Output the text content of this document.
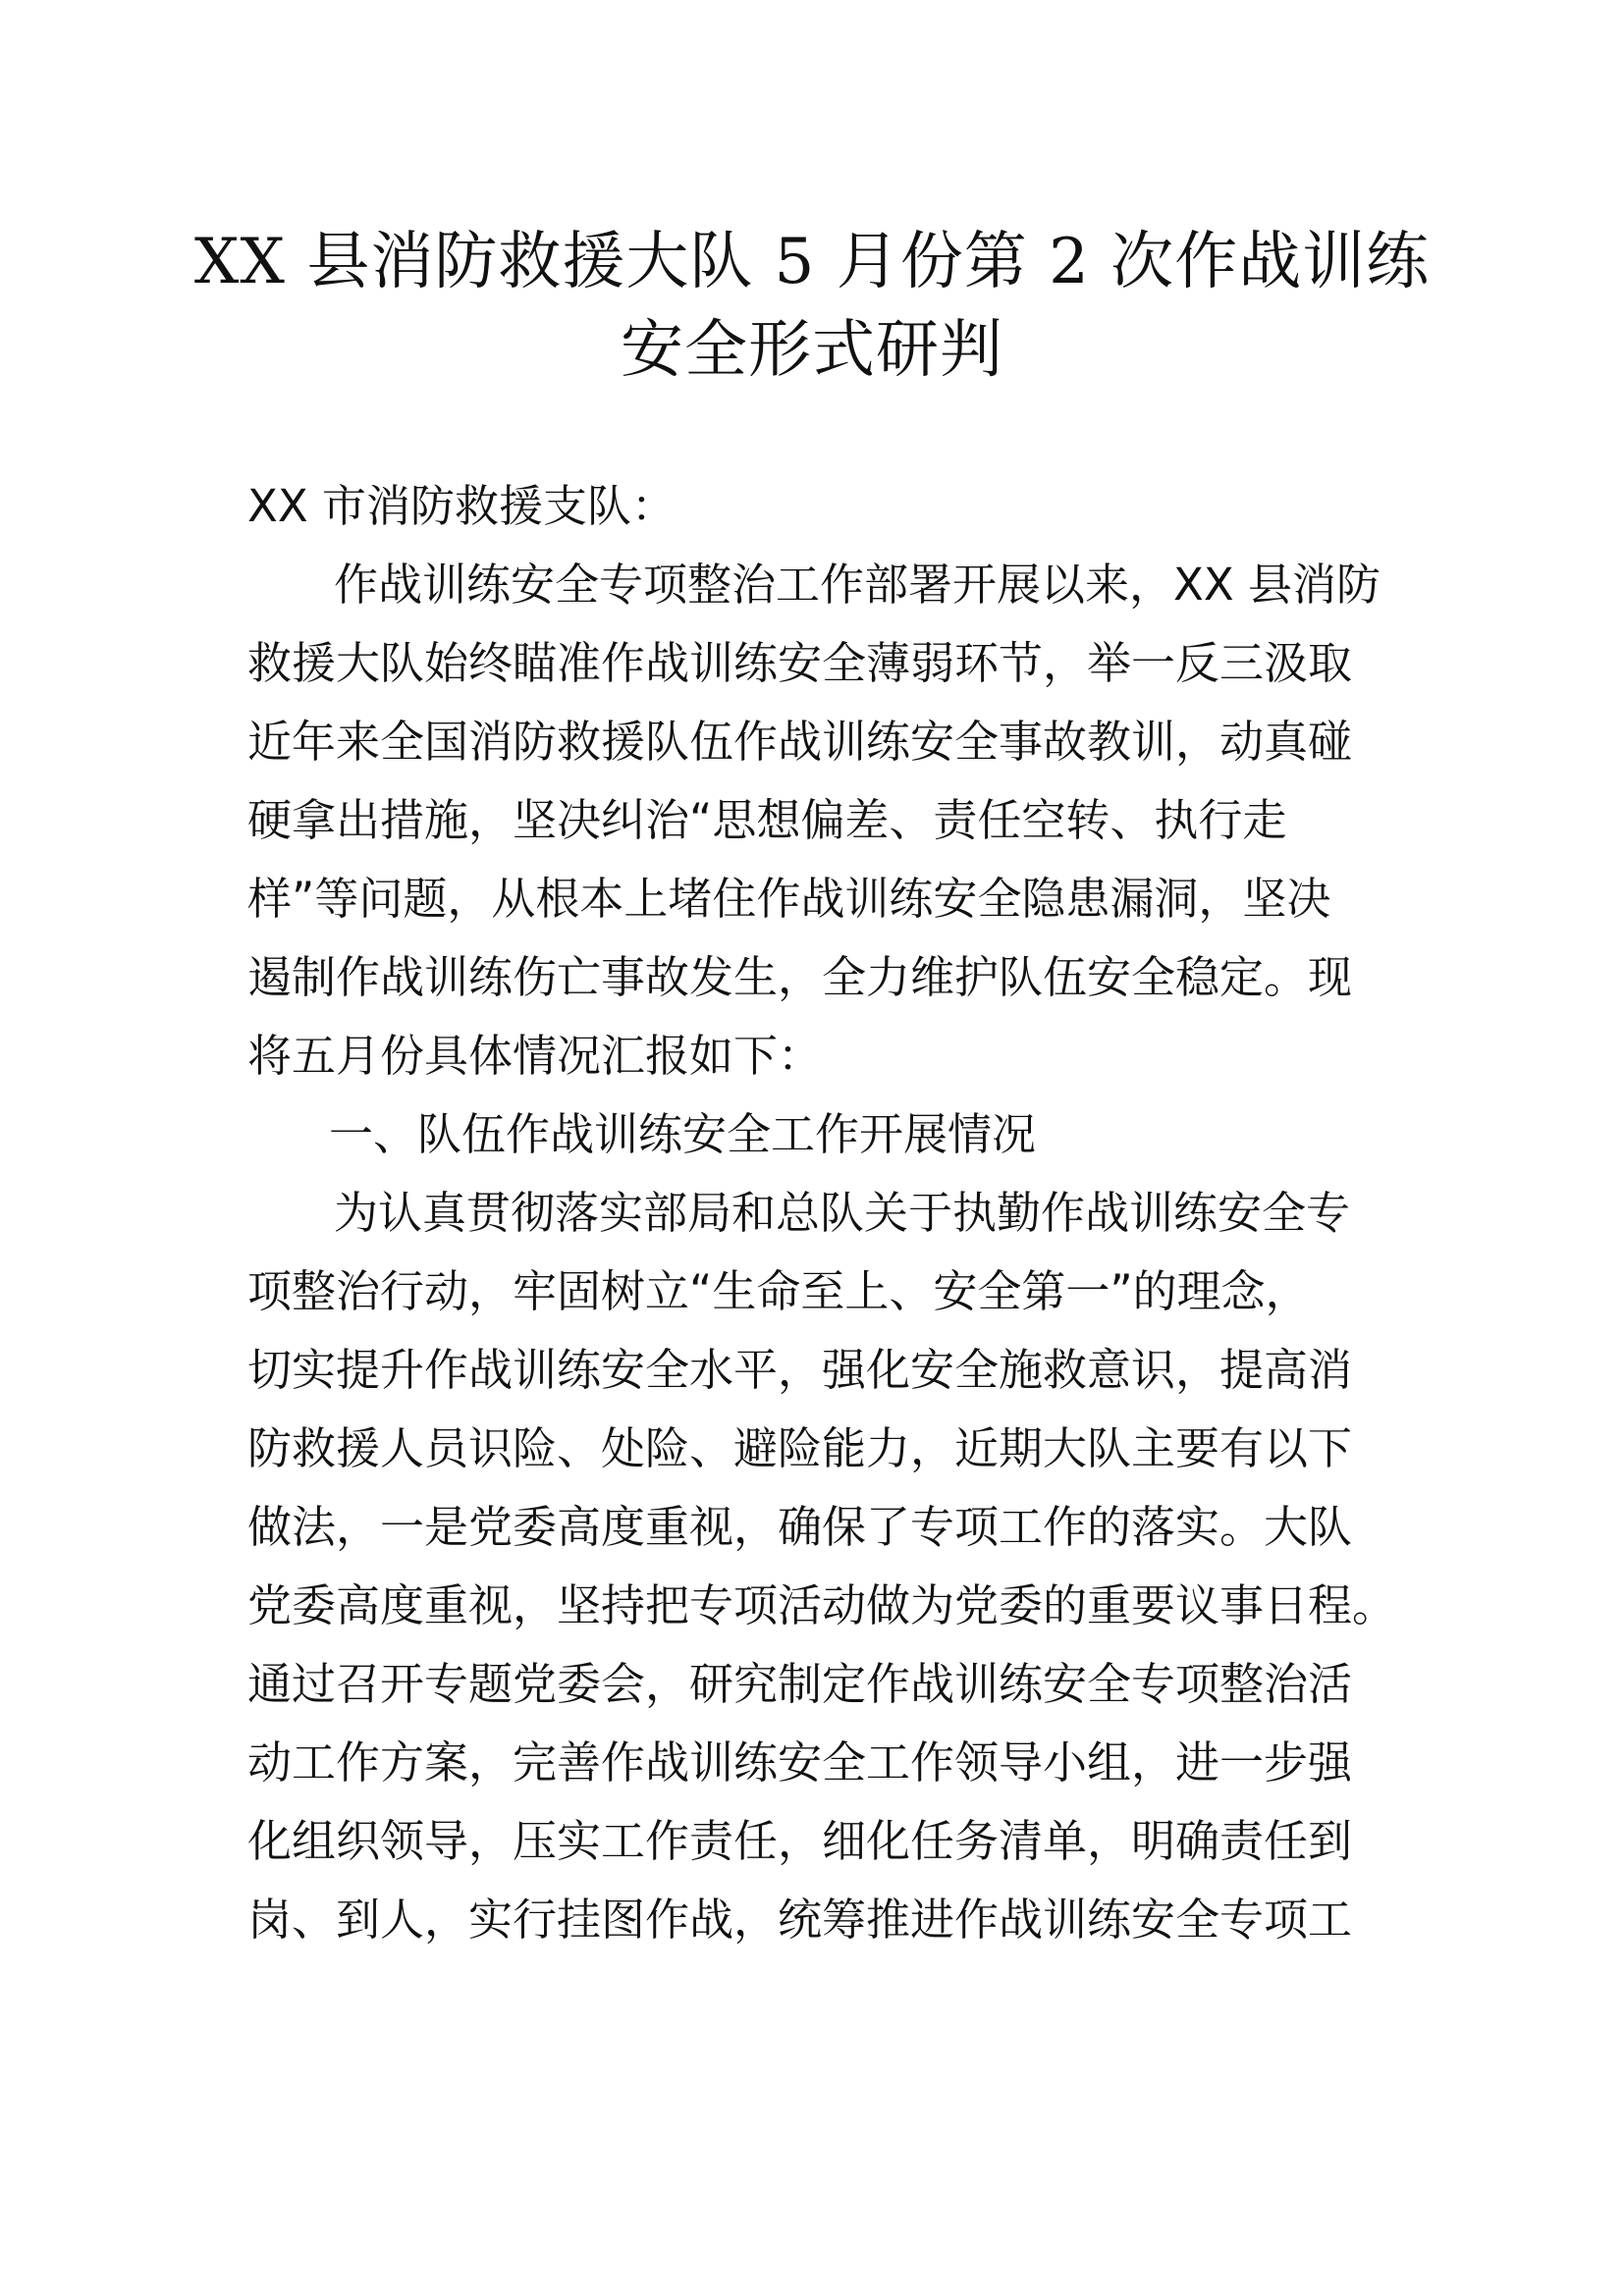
XX 县消防救援大队 5 月份第 2 次作战训练
安全形式研判
XX 市消防救援支队：
作战训练安全专项整治工作部署开展以来，XX 县消防
救援大队始终瞄准作战训练安全薄弱环节，举一反三汲取
近年来全国消防救援队伍作战训练安全事故教训，动真碰
硬拿出措施，坚决纠治“思想偏差、责任空转、执行走
样”等问题，从根本上堵住作战训练安全隐患漏洞，坚决
遏制作战训练伤亡事故发生，全力维护队伍安全稳定。现
将五月份具体情况汇报如下：
一、队伍作战训练安全工作开展情况
为认真贯彻落实部局和总队关于执勤作战训练安全专
项整治行动，牢固树立“生命至上、安全第一”的理念，
切实提升作战训练安全水平，强化安全施救意识，提高消
防救援人员识险、处险、避险能力，近期大队主要有以下
做法，一是党委高度重视，确保了专项工作的落实。大队
党委高度重视，坚持把专项活动做为党委的重要议事日程。
通过召开专题党委会，研究制定作战训练安全专项整治活
动工作方案，完善作战训练安全工作领导小组，进一步强
化组织领导，压实工作责任，细化任务清单，明确责任到
岗、到人，实行挂图作战，统筹推进作战训练安全专项工
